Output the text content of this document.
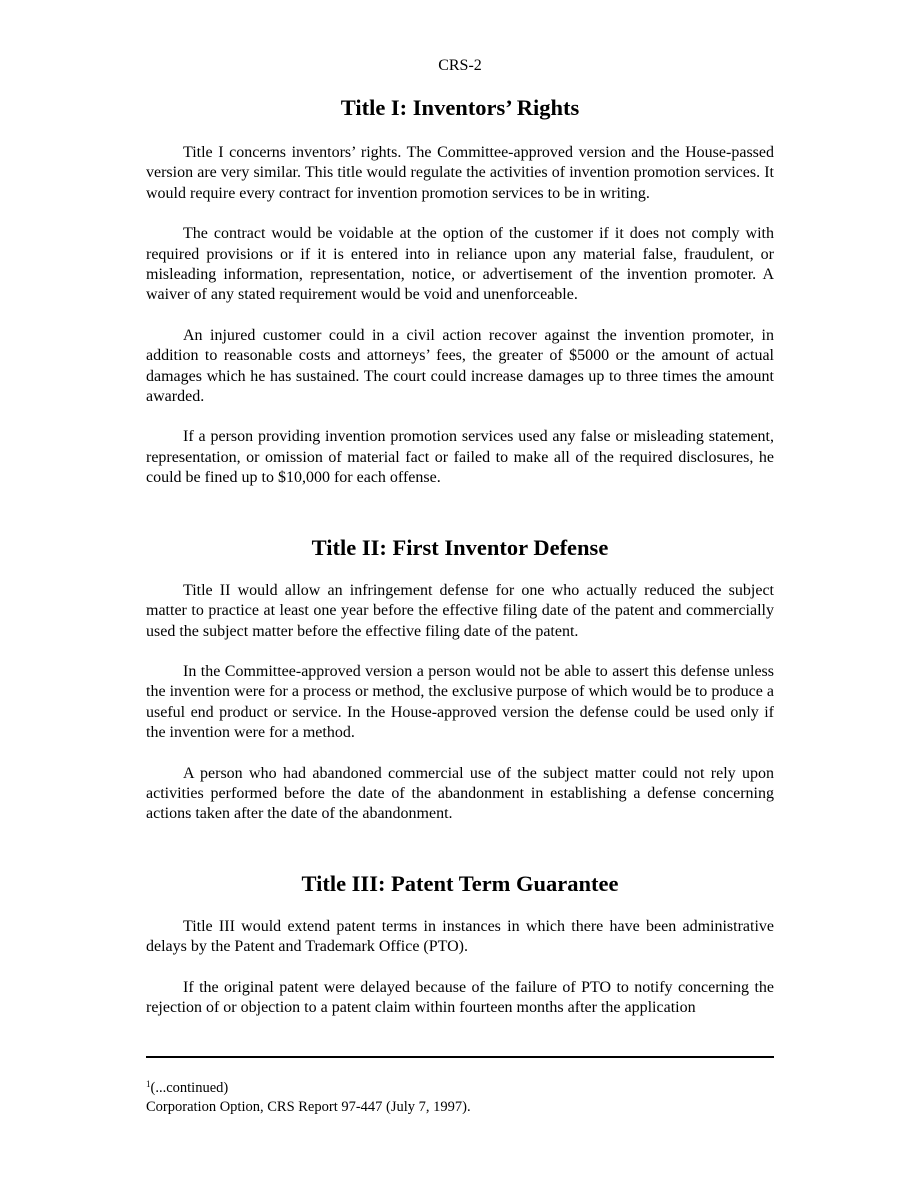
CRS-2
Title I: Inventors’ Rights

Title I concerns inventors’ rights. The Committee-approved version and the House-passed version are very similar. This title would regulate the activities of invention promotion services. It would require every contract for invention promotion services to be in writing.

The contract would be voidable at the option of the customer if it does not comply with required provisions or if it is entered into in reliance upon any material false, fraudulent, or misleading information, representation, notice, or advertisement of the invention promoter. A waiver of any stated requirement would be void and unenforceable.

An injured customer could in a civil action recover against the invention promoter, in addition to reasonable costs and attorneys’ fees, the greater of $5000 or the amount of actual damages which he has sustained. The court could increase damages up to three times the amount awarded.

If a person providing invention promotion services used any false or misleading statement, representation, or omission of material fact or failed to make all of the required disclosures, he could be fined up to $10,000 for each offense.

Title II: First Inventor Defense

Title II would allow an infringement defense for one who actually reduced the subject matter to practice at least one year before the effective filing date of the patent and commercially used the subject matter before the effective filing date of the patent.

In the Committee-approved version a person would not be able to assert this defense unless the invention were for a process or method, the exclusive purpose of which would be to produce a useful end product or service. In the House-approved version the defense could be used only if the invention were for a method.

A person who had abandoned commercial use of the subject matter could not rely upon activities performed before the date of the abandonment in establishing a defense concerning actions taken after the date of the abandonment.

Title III: Patent Term Guarantee

Title III would extend patent terms in instances in which there have been administrative delays by the Patent and Trademark Office (PTO).

If the original patent were delayed because of the failure of PTO to notify concerning the rejection of or objection to a patent claim within fourteen months after the application

$^1$(...continued)
Corporation Option, CRS Report 97-447 (July 7, 1997).
